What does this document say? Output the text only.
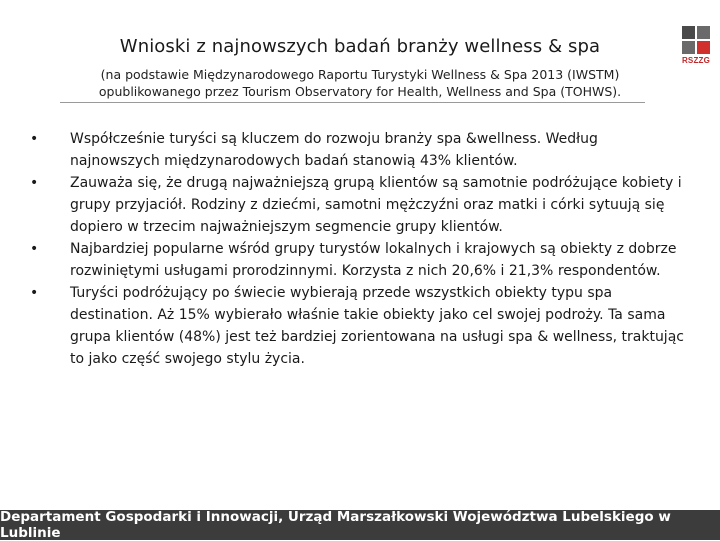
Wnioski z najnowszych badań branży wellness & spa

(na podstawie Międzynarodowego Raportu Turystyki Wellness & Spa 2013 (IWSTM) opublikowanego przez Tourism Observatory for Health, Wellness and Spa (TOHWS).

RSZZG
• Współcześnie turyści są kluczem do rozwoju branży spa &wellness. Według najnowszych międzynarodowych badań stanowią 43% klientów.
• Zauważa się, że drugą najważniejszą grupą klientów są samotnie podróżujące kobiety i grupy przyjaciół. Rodziny z dziećmi, samotni mężczyźni oraz matki i córki sytuują się dopiero w trzecim najważniejszym segmencie grupy klientów.
• Najbardziej popularne wśród grupy turystów lokalnych i krajowych są obiekty z dobrze rozwiniętymi usługami prorodzinnymi. Korzysta z nich 20,6% i 21,3% respondentów.
• Turyści podróżujący po świecie wybierają przede wszystkich obiekty typu spa destination. Aż 15% wybierało właśnie takie obiekty jako cel swojej podroży. Ta sama grupa klientów (48%) jest też bardziej zorientowana na usługi spa & wellness, traktując to jako część swojego stylu życia.
Departament Gospodarki i Innowacji, Urząd Marszałkowski Województwa Lubelskiego w Lublinie
